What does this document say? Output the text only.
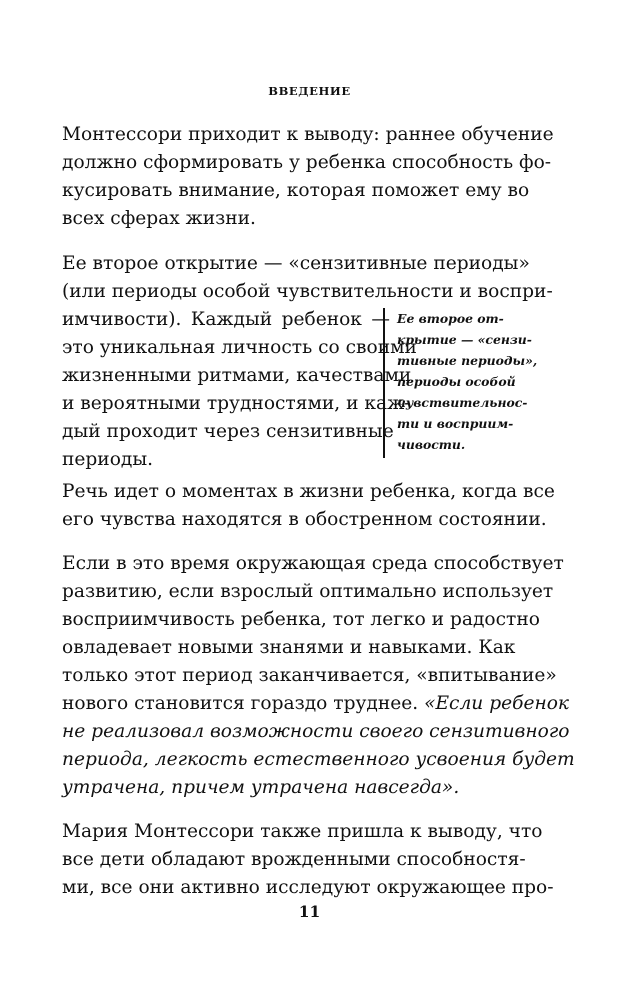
ВВЕДЕНИЕ
Монтессори приходит к выводу: раннее обучение
должно сформировать у ребенка способность фо-
кусировать внимание, которая поможет ему во
всех сферах жизни.
Ее второе открытие — «сензитивные периоды»
(или периоды особой чувствительности и воспри-
имчивости). Каждый ребенок —
это уникальная личность со своими
жизненными ритмами, качествами
и вероятными трудностями, и каж-
дый проходит через сензитивные
периоды.
Ее второе от-
крытие — «сензи-
тивные периоды»,
периоды особой
чувствительнос-
ти и восприим-
чивости.
Речь идет о моментах в жизни ребенка, когда все
его чувства находятся в обостренном состоянии.
Если в это время окружающая среда способствует
развитию, если взрослый оптимально использует
восприимчивость ребенка, тот легко и радостно
овладевает новыми знанями и навыками. Как
только этот период заканчивается, «впитывание»
нового становится гораздо труднее. «Если ребенок
не реализовал возможности своего сензитивного
периода, легкость естественного усвоения будет
утрачена, причем утрачена навсегда».
Мария Монтессори также пришла к выводу, что
все дети обладают врожденными способностя-
ми, все они активно исследуют окружающее про-
11
